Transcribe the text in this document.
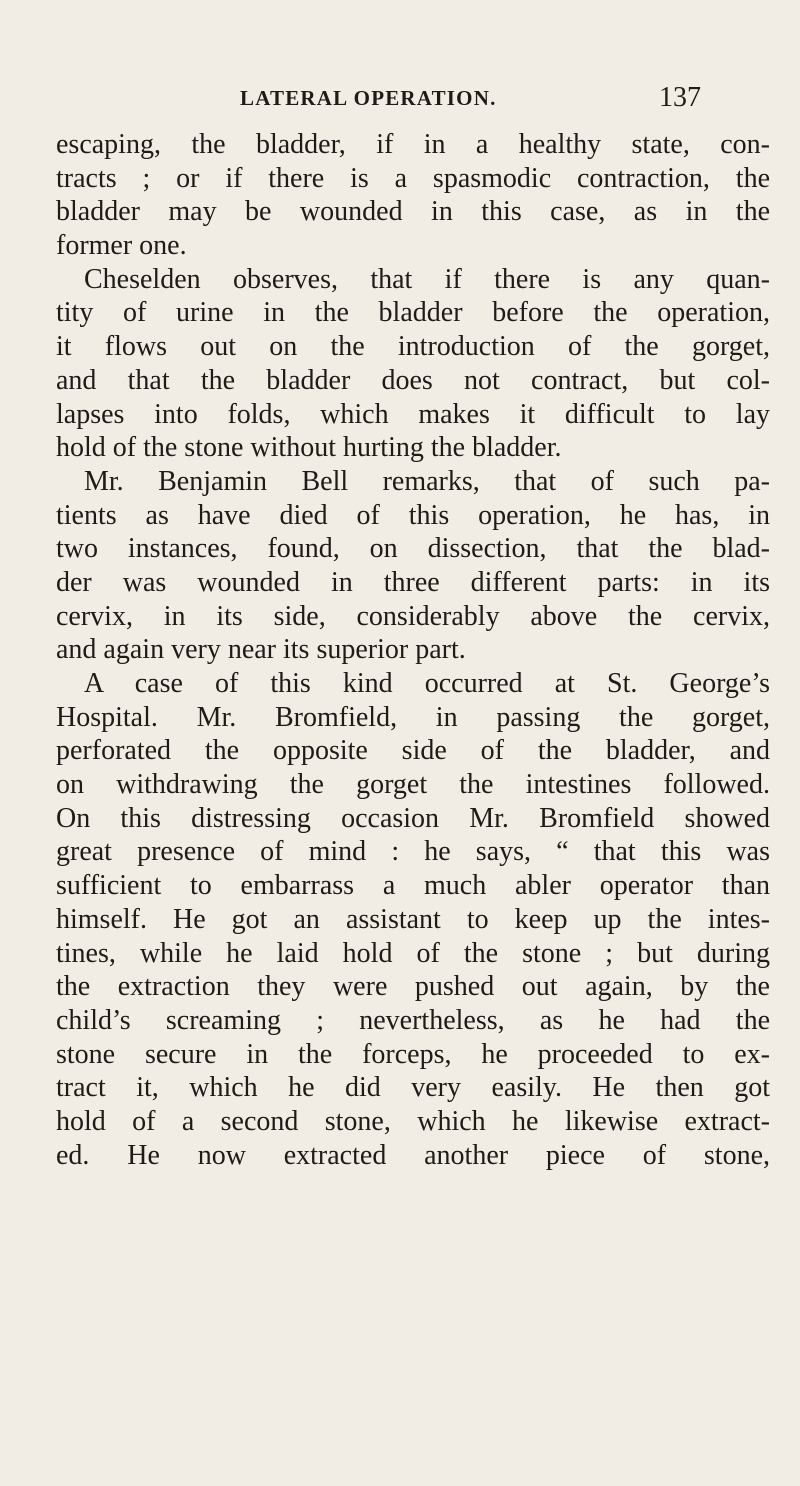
LATERAL OPERATION.	137
escaping, the bladder, if in a healthy state, con-
tracts ; or if there is a spasmodic contraction, the
bladder may be wounded in this case, as in the
former one.
Cheselden observes, that if there is any quan-
tity of urine in the bladder before the operation,
it flows out on the introduction of the gorget,
and that the bladder does not contract, but col-
lapses into folds, which makes it difficult to lay
hold of the stone without hurting the bladder.
Mr. Benjamin Bell remarks, that of such pa-
tients as have died of this operation, he has, in
two instances, found, on dissection, that the blad-
der was wounded in three different parts: in its
cervix, in its side, considerably above the cervix,
and again very near its superior part.
A case of this kind occurred at St. George’s
Hospital. Mr. Bromfield, in passing the gorget,
perforated the opposite side of the bladder, and
on withdrawing the gorget the intestines followed.
On this distressing occasion Mr. Bromfield showed
great presence of mind : he says, “ that this was
sufficient to embarrass a much abler operator than
himself. He got an assistant to keep up the intes-
tines, while he laid hold of the stone ; but during
the extraction they were pushed out again, by the
child’s screaming ; nevertheless, as he had the
stone secure in the forceps, he proceeded to ex-
tract it, which he did very easily. He then got
hold of a second stone, which he likewise extract-
ed. He now extracted another piece of stone,
